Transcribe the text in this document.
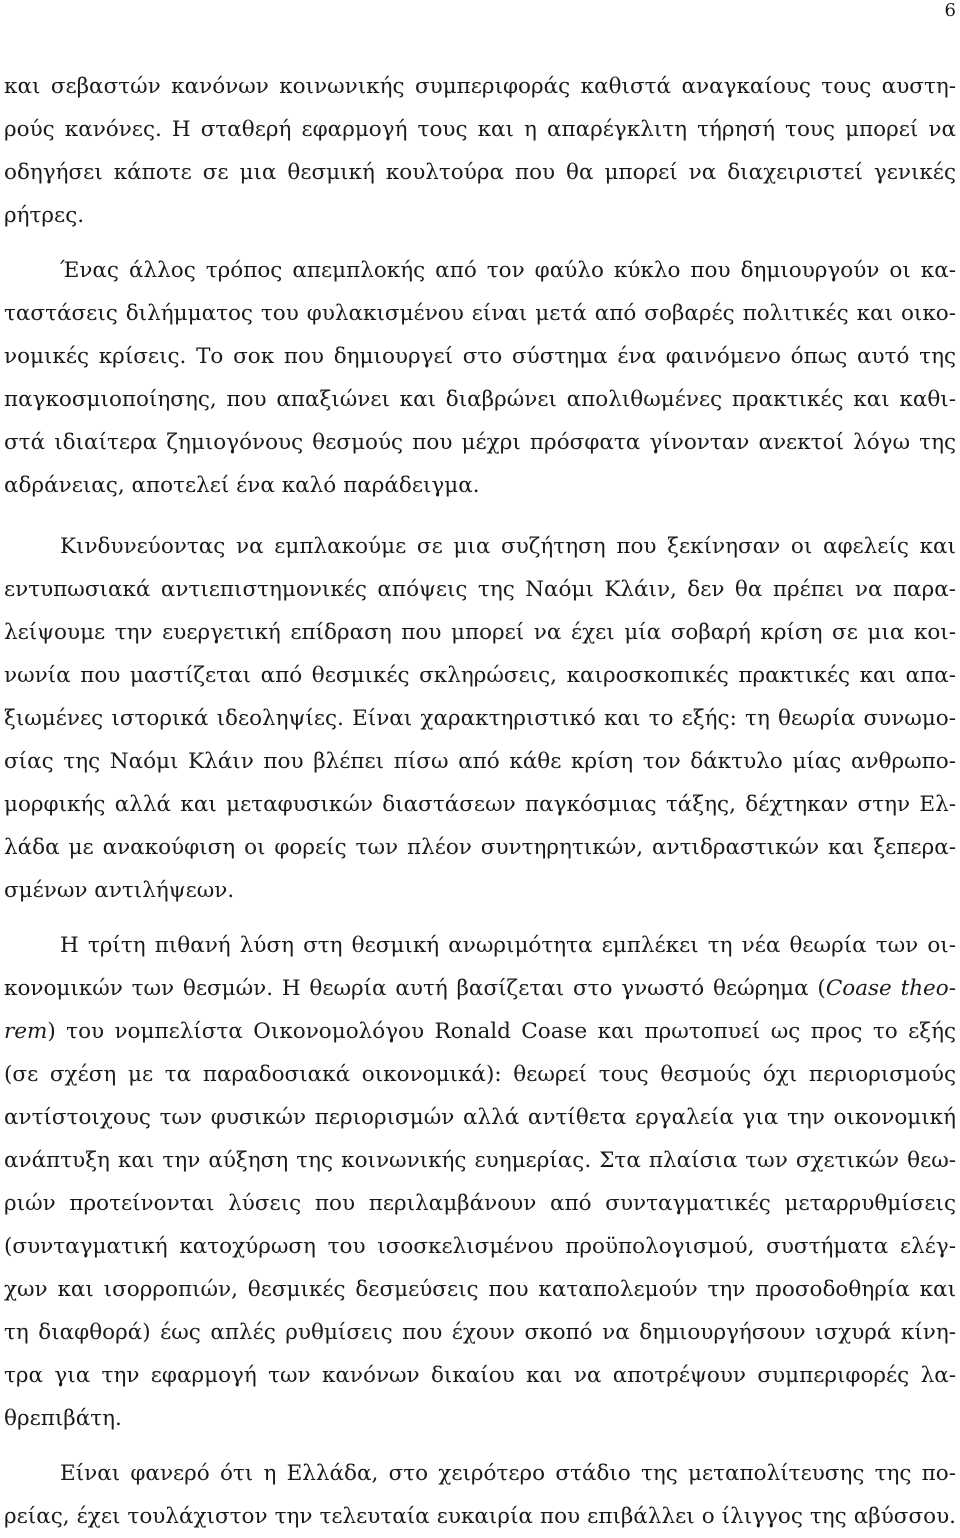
6
και σεβαστών κανόνων κοινωνικής συμπεριφοράς καθιστά αναγκαίους τους αυστη-
ρούς κανόνες. Η σταθερή εφαρμογή τους και η απαρέγκλιτη τήρησή τους μπορεί να
οδηγήσει κάποτε σε μια θεσμική κουλτούρα που θα μπορεί να διαχειριστεί γενικές
ρήτρες.
Ένας άλλος τρόπος απεμπλοκής από τον φαύλο κύκλο που δημιουργούν οι κα-
ταστάσεις διλήμματος του φυλακισμένου είναι μετά από σοβαρές πολιτικές και οικο-
νομικές κρίσεις. Το σοκ που δημιουργεί στο σύστημα ένα φαινόμενο όπως αυτό της
παγκοσμιοποίησης, που απαξιώνει και διαβρώνει απολιθωμένες πρακτικές και καθι-
στά ιδιαίτερα ζημιογόνους θεσμούς που μέχρι πρόσφατα γίνονταν ανεκτοί λόγω της
αδράνειας, αποτελεί ένα καλό παράδειγμα.
Κινδυνεύοντας να εμπλακούμε σε μια συζήτηση που ξεκίνησαν οι αφελείς και
εντυπωσιακά αντιεπιστημονικές απόψεις της Ναόμι Κλάιν, δεν θα πρέπει να παρα-
λείψουμε την ευεργετική επίδραση που μπορεί να έχει μία σοβαρή κρίση σε μια κοι-
νωνία που μαστίζεται από θεσμικές σκληρώσεις, καιροσκοπικές πρακτικές και απα-
ξιωμένες ιστορικά ιδεοληψίες. Είναι χαρακτηριστικό και το εξής: τη θεωρία συνωμο-
σίας της Ναόμι Κλάιν που βλέπει πίσω από κάθε κρίση τον δάκτυλο μίας ανθρωπο-
μορφικής αλλά και μεταφυσικών διαστάσεων παγκόσμιας τάξης, δέχτηκαν στην Ελ-
λάδα με ανακούφιση οι φορείς των πλέον συντηρητικών, αντιδραστικών και ξεπερα-
σμένων αντιλήψεων.
Η τρίτη πιθανή λύση στη θεσμική ανωριμότητα εμπλέκει τη νέα θεωρία των οι-
κονομικών των θεσμών. Η θεωρία αυτή βασίζεται στο γνωστό θεώρημα (Coase theo-
rem) του νομπελίστα Οικονομολόγου Ronald Coase και πρωτοπυεί ως προς το εξής
(σε σχέση με τα παραδοσιακά οικονομικά): θεωρεί τους θεσμούς όχι περιορισμούς
αντίστοιχους των φυσικών περιορισμών αλλά αντίθετα εργαλεία για την οικονομική
ανάπτυξη και την αύξηση της κοινωνικής ευημερίας. Στα πλαίσια των σχετικών θεω-
ριών προτείνονται λύσεις που περιλαμβάνουν από συνταγματικές μεταρρυθμίσεις
(συνταγματική κατοχύρωση του ισοσκελισμένου προϋπολογισμού, συστήματα ελέγ-
χων και ισορροπιών, θεσμικές δεσμεύσεις που καταπολεμούν την προσοδοθηρία και
τη διαφθορά) έως απλές ρυθμίσεις που έχουν σκοπό να δημιουργήσουν ισχυρά κίνη-
τρα για την εφαρμογή των κανόνων δικαίου και να αποτρέψουν συμπεριφορές λα-
θρεπιβάτη.
Είναι φανερό ότι η Ελλάδα, στο χειρότερο στάδιο της μεταπολίτευσης της πο-
ρείας, έχει τουλάχιστον την τελευταία ευκαιρία που επιβάλλει ο ίλιγγος της αβύσσου.
